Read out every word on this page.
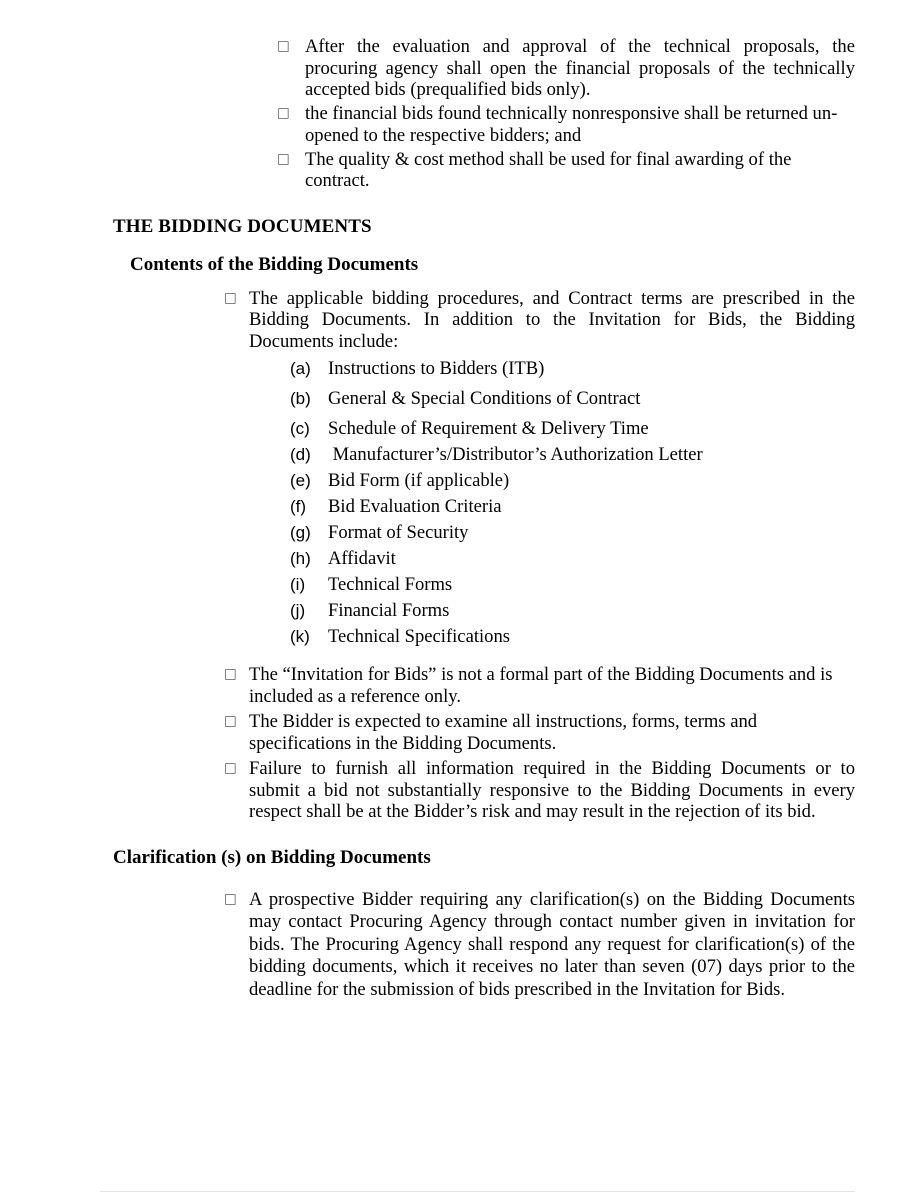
□ After the evaluation and approval of the technical proposals, the procuring agency shall open the financial proposals of the technically accepted bids (prequalified bids only).
□ the financial bids found technically nonresponsive shall be returned un-opened to the respective bidders; and
□ The quality & cost method shall be used for final awarding of the contract.
THE BIDDING DOCUMENTS
Contents of the Bidding Documents
□ The applicable bidding procedures, and Contract terms are prescribed in the Bidding Documents. In addition to the Invitation for Bids, the Bidding Documents include:
(a) Instructions to Bidders (ITB)
(b) General & Special Conditions of Contract
(c) Schedule of Requirement & Delivery Time
(d) Manufacturer’s/Distributor’s Authorization Letter
(e) Bid Form (if applicable)
(f)	Bid Evaluation Criteria
(g) Format of Security
(h) Affidavit
(i)	Technical Forms
(j)	Financial Forms
(k) Technical Specifications
□ The “Invitation for Bids” is not a formal part of the Bidding Documents and is included as a reference only.
□ The Bidder is expected to examine all instructions, forms, terms and specifications in the Bidding Documents.
□ Failure to furnish all information required in the Bidding Documents or to submit a bid not substantially responsive to the Bidding Documents in every respect shall be at the Bidder’s risk and may result in the rejection of its bid.
Clarification (s) on Bidding Documents
□ A prospective Bidder requiring any clarification(s) on the Bidding Documents may contact Procuring Agency through contact number given in invitation for bids. The Procuring Agency shall respond any request for clarification(s) of the bidding documents, which it receives no later than seven (07) days prior to the deadline for the submission of bids prescribed in the Invitation for Bids.
